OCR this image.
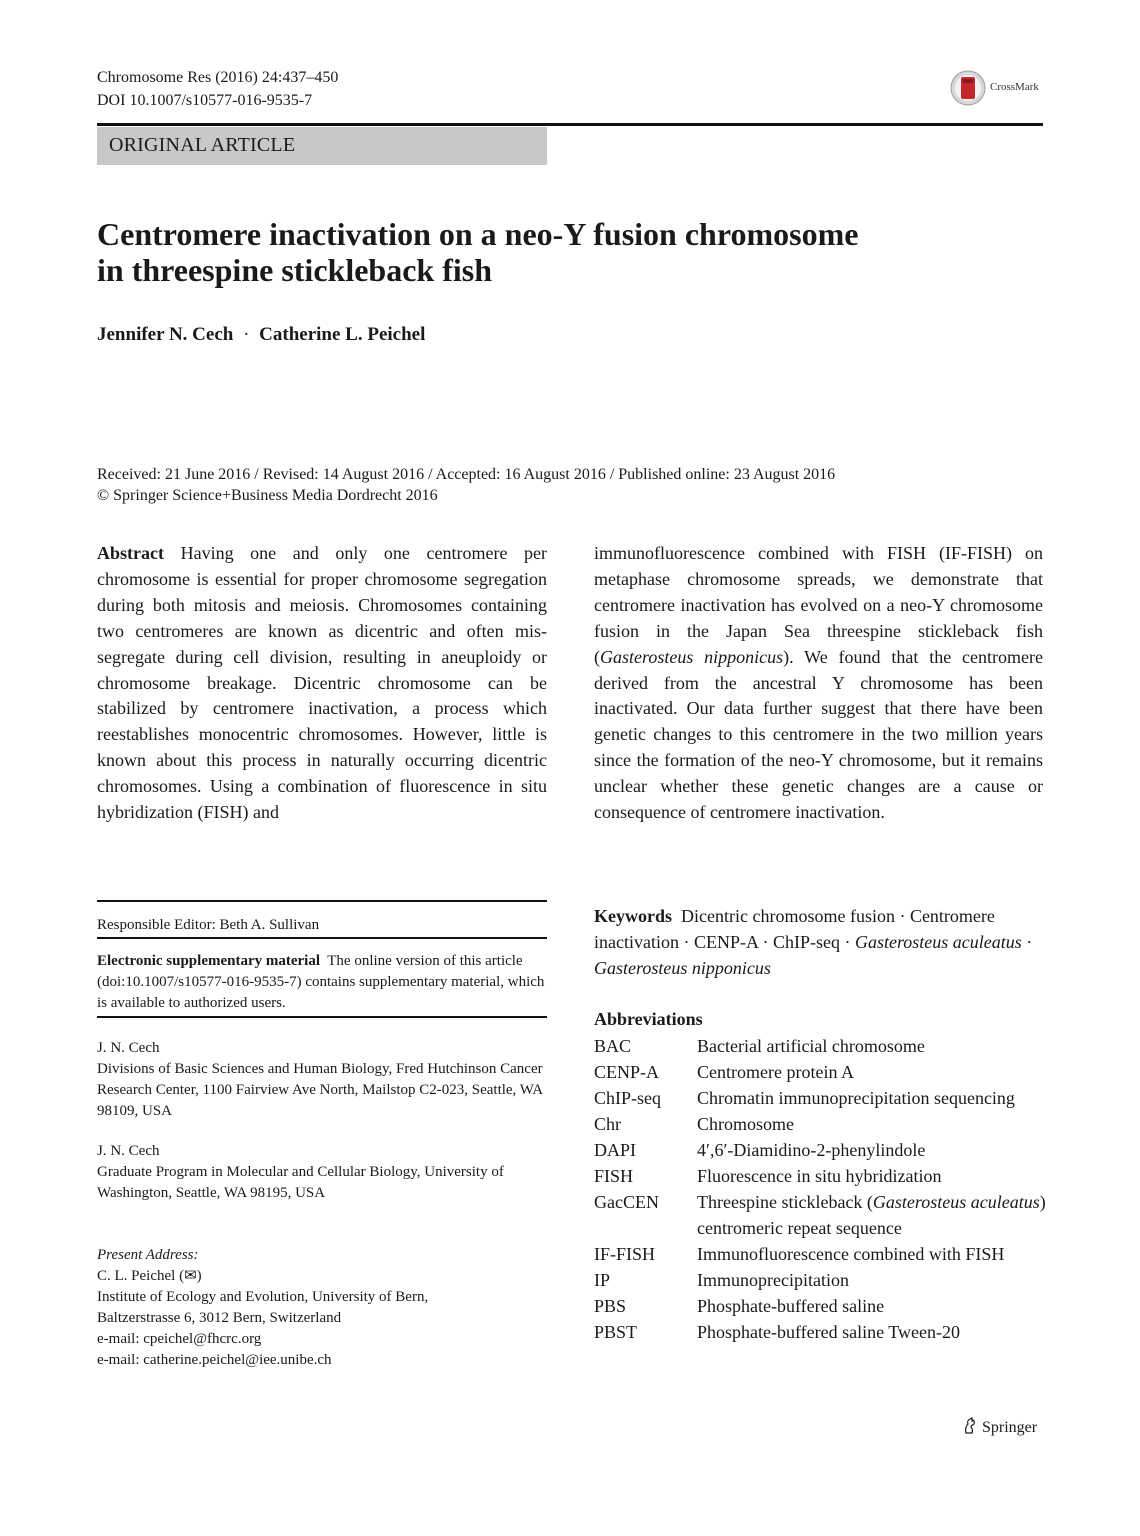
Chromosome Res (2016) 24:437–450
DOI 10.1007/s10577-016-9535-7
CrossMark
ORIGINAL ARTICLE
Centromere inactivation on a neo-Y fusion chromosome
in threespine stickleback fish
Jennifer N. Cech · Catherine L. Peichel
Received: 21 June 2016 / Revised: 14 August 2016 / Accepted: 16 August 2016 / Published online: 23 August 2016
© Springer Science+Business Media Dordrecht 2016

Abstract Having one and only one centromere per chromosome is essential for proper chromosome segregation during both mitosis and meiosis. Chromosomes containing two centromeres are known as dicentric and often mis-segregate during cell division, resulting in aneuploidy or chromosome breakage. Dicentric chromosome can be stabilized by centromere inactivation, a process which reestablishes monocentric chromosomes. However, little is known about this process in naturally occurring dicentric chromosomes. Using a combination of fluorescence in situ hybridization (FISH) and

immunofluorescence combined with FISH (IF-FISH) on metaphase chromosome spreads, we demonstrate that centromere inactivation has evolved on a neo-Y chromosome fusion in the Japan Sea threespine stickleback fish (Gasterosteus nipponicus). We found that the centromere derived from the ancestral Y chromosome has been inactivated. Our data further suggest that there have been genetic changes to this centromere in the two million years since the formation of the neo-Y chromosome, but it remains unclear whether these genetic changes are a cause or consequence of centromere inactivation.

Responsible Editor: Beth A. Sullivan
Electronic supplementary material The online version of this article (doi:10.1007/s10577-016-9535-7) contains supplementary material, which is available to authorized users.
J. N. Cech
Divisions of Basic Sciences and Human Biology, Fred Hutchinson Cancer Research Center, 1100 Fairview Ave North, Mailstop C2-023, Seattle, WA 98109, USA
J. N. Cech
Graduate Program in Molecular and Cellular Biology, University of Washington, Seattle, WA 98195, USA
Present Address:
C. L. Peichel (✉)
Institute of Ecology and Evolution, University of Bern,
Baltzerstrasse 6, 3012 Bern, Switzerland
e-mail: cpeichel@fhcrc.org
e-mail: catherine.peichel@iee.unibe.ch
Keywords Dicentric chromosome fusion · Centromere inactivation · CENP-A · ChIP-seq · Gasterosteus aculeatus · Gasterosteus nipponicus
Abbreviations
BAC	Bacterial artificial chromosome
CENP-A	Centromere protein A
ChIP-seq	Chromatin immunoprecipitation sequencing
Chr	Chromosome
DAPI	4′,6′-Diamidino-2-phenylindole
FISH	Fluorescence in situ hybridization
GacCEN	Threespine stickleback (Gasterosteus aculeatus) centromeric repeat sequence
IF-FISH	Immunofluorescence combined with FISH
IP	Immunoprecipitation
PBS	Phosphate-buffered saline
PBST	Phosphate-buffered saline Tween-20
Springer
